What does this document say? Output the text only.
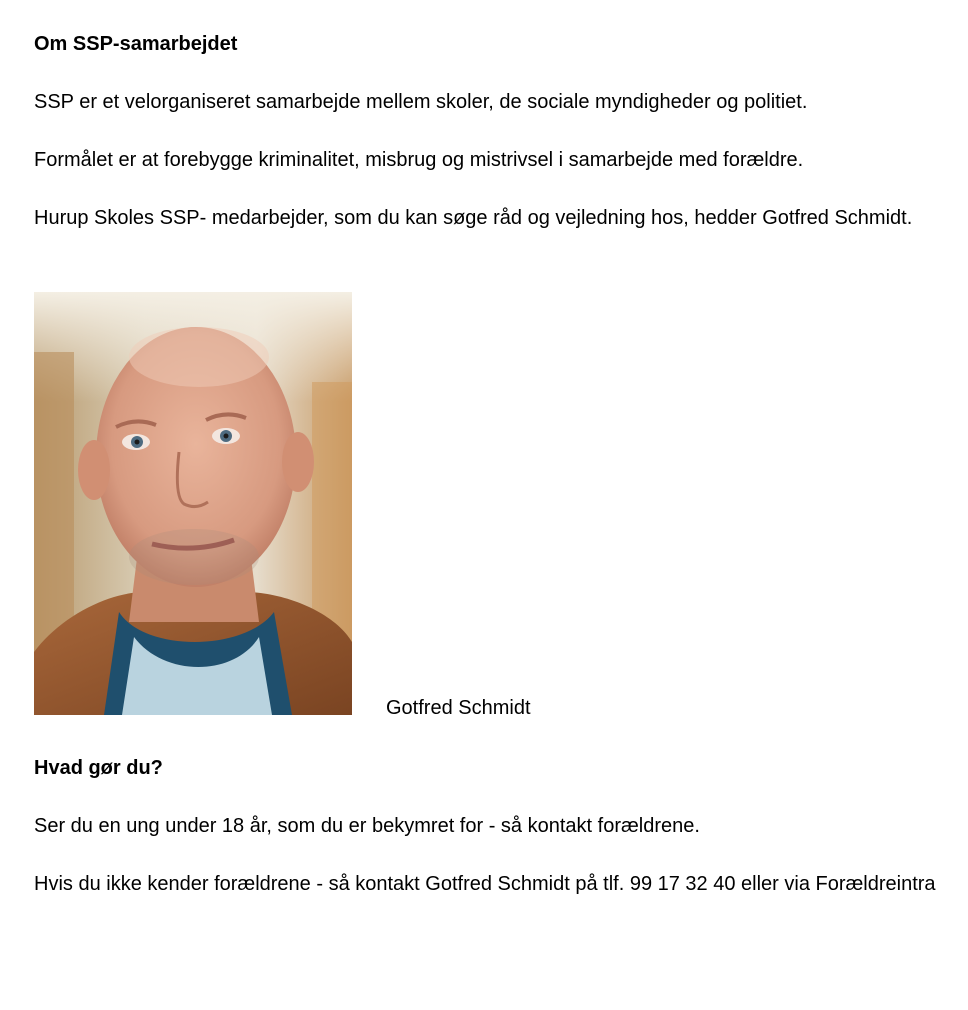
Om SSP-samarbejdet

SSP er et velorganiseret samarbejde mellem skoler, de sociale myndigheder og politiet.

Formålet er at forebygge kriminalitet, misbrug og mistrivsel i samarbejde med forældre.

Hurup Skoles SSP- medarbejder, som du kan søge råd og vejledning hos, hedder Gotfred Schmidt.

Gotfred Schmidt

Hvad gør du?

Ser du en ung under 18 år, som du er bekymret for - så kontakt forældrene.

Hvis du ikke kender forældrene - så kontakt Gotfred Schmidt på tlf. 99 17 32 40 eller via Forældreintra
